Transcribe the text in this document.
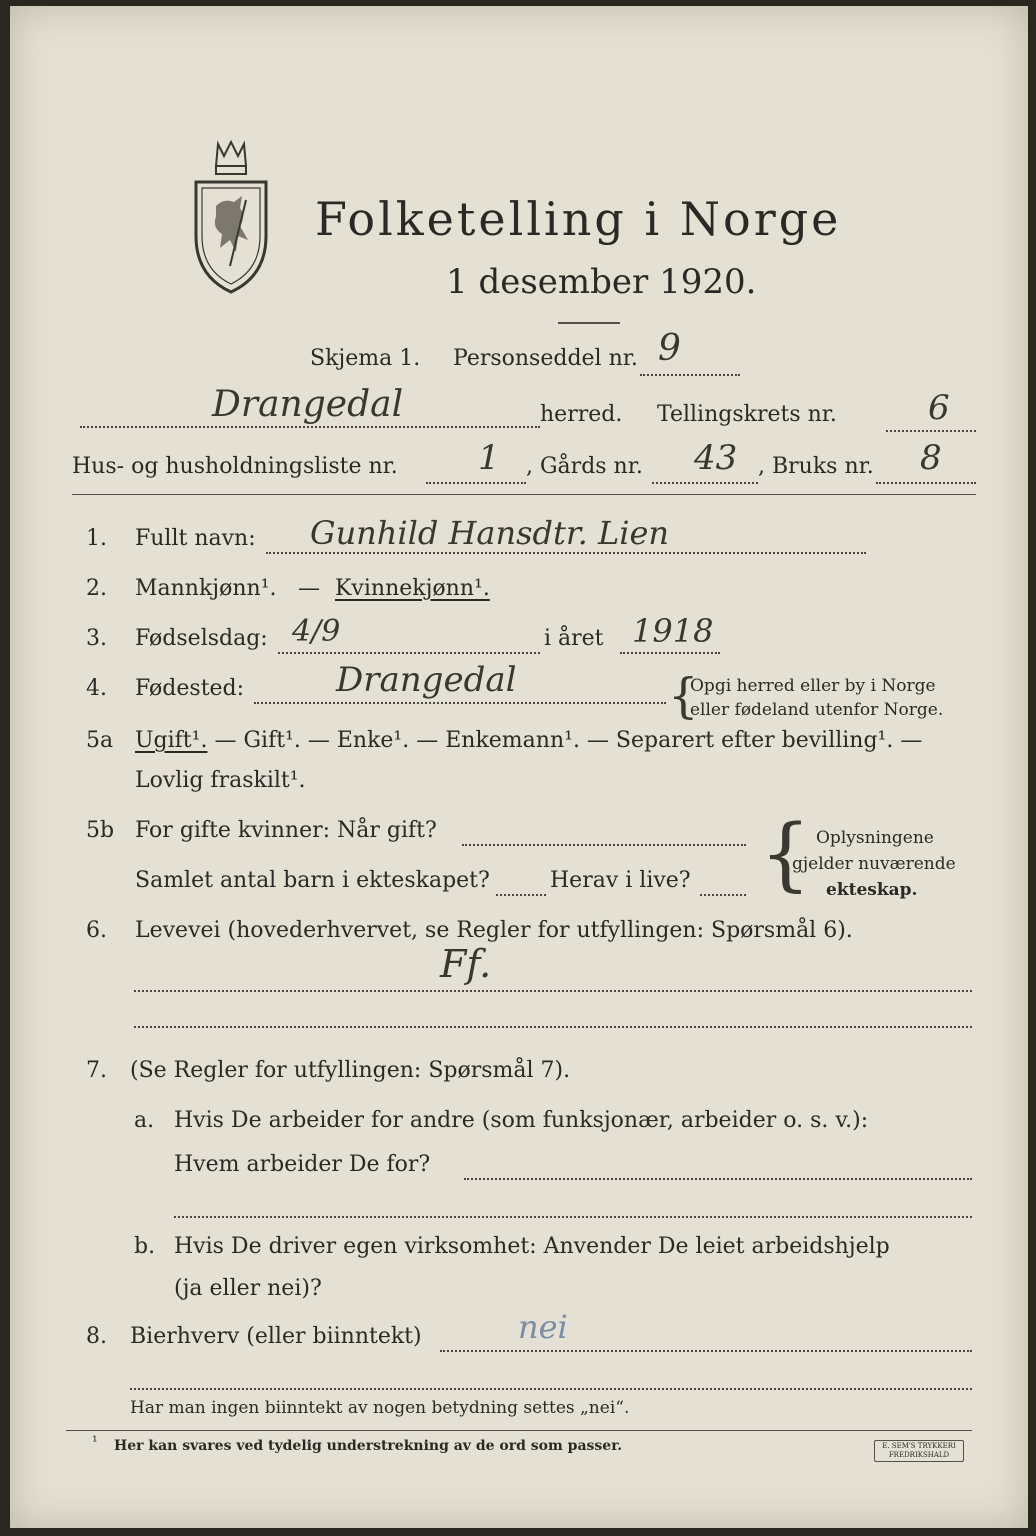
Folketelling i Norge
1 desember 1920.
Skjema 1. Personseddel nr. 9
Drangedal	herred. Tellingskrets nr.	6
Hus- og husholdningsliste nr. 1 , Gårds nr. 43 , Bruks nr. 8
1. Fullt navn: Gunhild Hansdtr. Lien
2. Mannkjønn¹. — Kvinnekjønn¹.
3. Fødselsdag: 4/9	i året 1918
4. Fødested:	Drangedal	{
Opgi herred eller by i Norge
eller fødeland utenfor Norge.
5a Ugift¹. — Gift¹. — Enke¹. — Enkemann¹. — Separert efter bevilling¹. —
Lovlig fraskilt¹.
5b For gifte kvinner: Når gift?
Samlet antal barn i ekteskapet?	Herav i live? { Oplysningene
gjelder nuværende
ekteskap.
6. Levevei (hovederhvervet, se Regler for utfyllingen: Spørsmål 6).
Ff.
7. (Se Regler for utfyllingen: Spørsmål 7).
a. Hvis De arbeider for andre (som funksjonær, arbeider o. s. v.):
Hvem arbeider De for?
b. Hvis De driver egen virksomhet: Anvender De leiet arbeidshjelp
(ja eller nei)?
8. Bierhverv (eller biinntekt)	nei
Har man ingen biinntekt av nogen betydning settes „nei“.
¹ Her kan svares ved tydelig understrekning av de ord som passer.	E. SEM'S TRYKKERI FREDRIKSHALD
